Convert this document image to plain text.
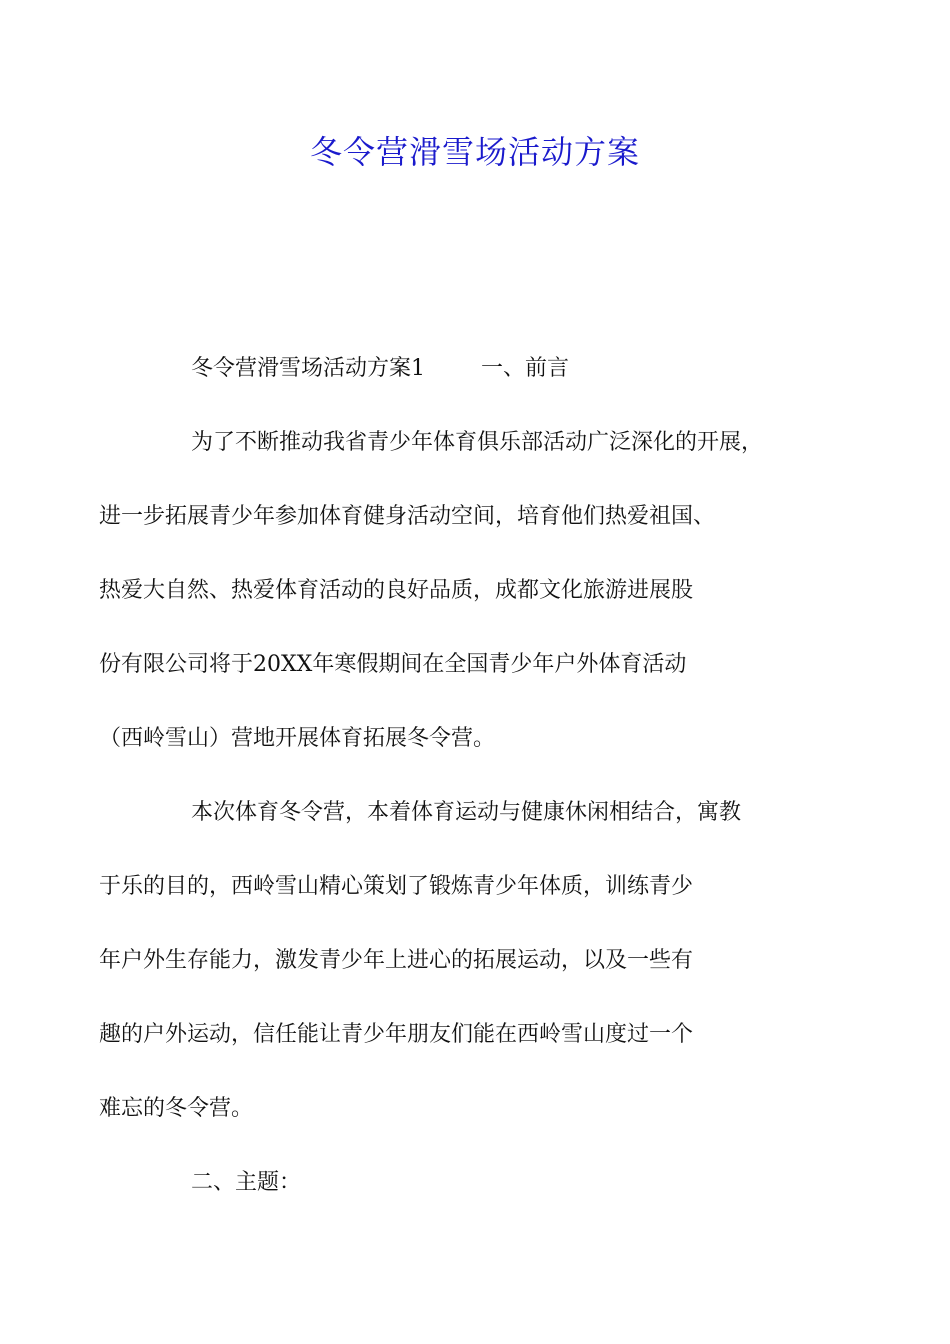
冬令营滑雪场活动方案

冬令营滑雪场活动方案1	一、前言

为了不断推动我省青少年体育俱乐部活动广泛深化的开展，
进一步拓展青少年参加体育健身活动空间，培育他们热爱祖国、
热爱大自然、热爱体育活动的良好品质，成都文化旅游进展股
份有限公司将于20XX年寒假期间在全国青少年户外体育活动
（西岭雪山）营地开展体育拓展冬令营。

本次体育冬令营，本着体育运动与健康休闲相结合，寓教
于乐的目的，西岭雪山精心策划了锻炼青少年体质，训练青少
年户外生存能力，激发青少年上进心的拓展运动，以及一些有
趣的户外运动，信任能让青少年朋友们能在西岭雪山度过一个
难忘的冬令营。

二、主题：
